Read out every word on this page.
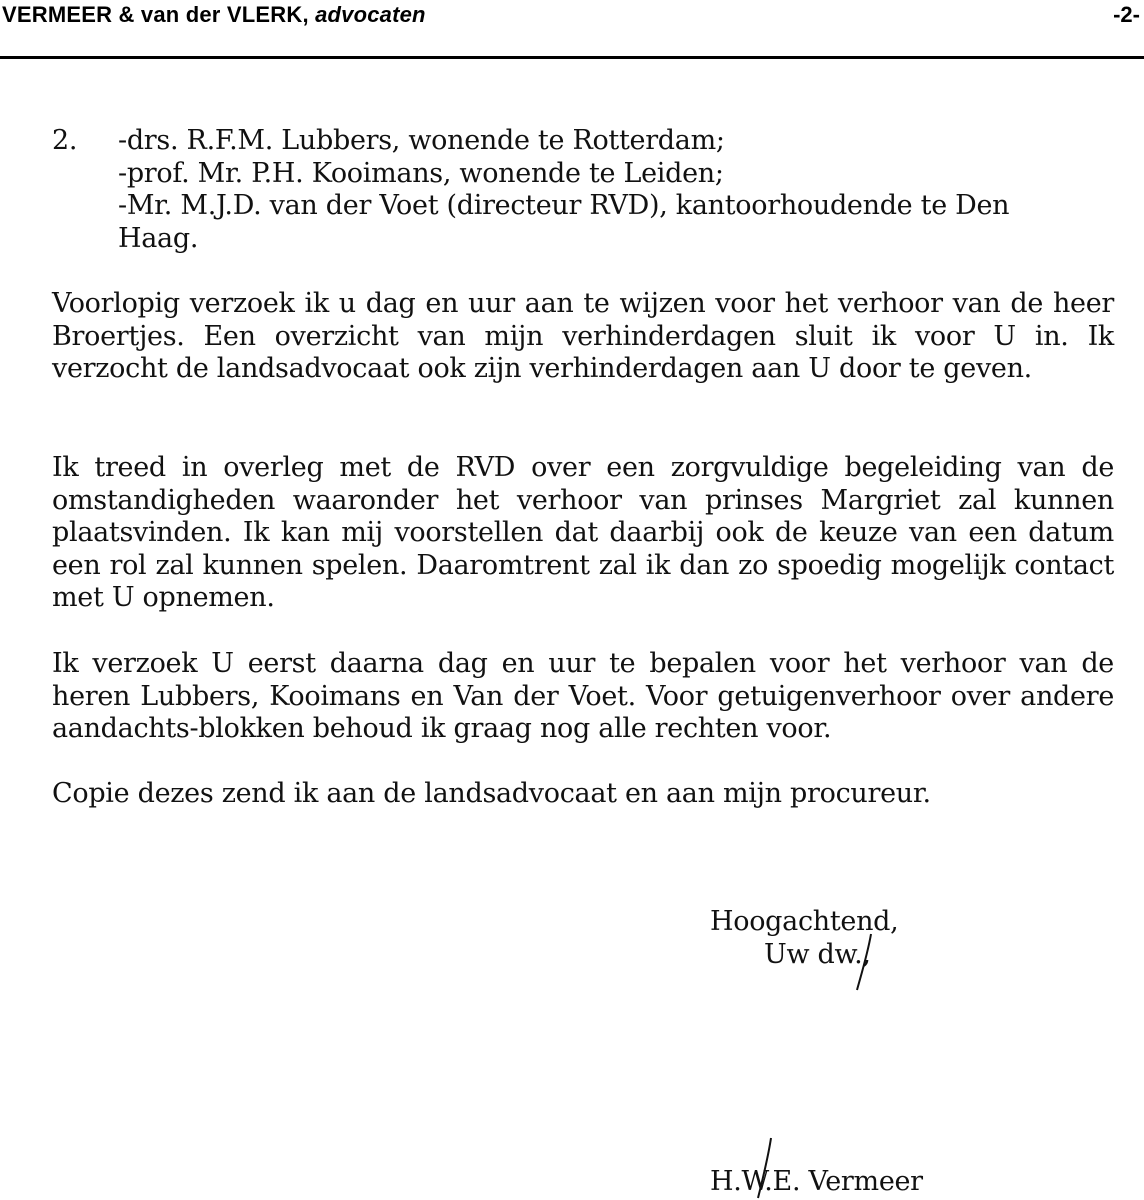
VERMEER & van der VLERK, advocaten	-2-
2. -drs. R.F.M. Lubbers, wonende te Rotterdam;
-prof. Mr. P.H. Kooimans, wonende te Leiden;
-Mr. M.J.D. van der Voet (directeur RVD), kantoorhoudende te Den
Haag.
Voorlopig verzoek ik u dag en uur aan te wijzen voor het verhoor van de heer Broertjes. Een overzicht van mijn verhinderdagen sluit ik voor U in. Ik verzocht de landsadvocaat ook zijn verhinderdagen aan U door te geven.
Ik treed in overleg met de RVD over een zorgvuldige begeleiding van de omstandigheden waaronder het verhoor van prinses Margriet zal kunnen plaatsvinden. Ik kan mij voorstellen dat daarbij ook de keuze van een datum een rol zal kunnen spelen. Daaromtrent zal ik dan zo spoedig mogelijk contact met U opnemen.
Ik verzoek U eerst daarna dag en uur te bepalen voor het verhoor van de heren Lubbers, Kooimans en Van der Voet. Voor getuigenverhoor over andere aandachts-blokken behoud ik graag nog alle rechten voor.
Copie dezes zend ik aan de landsadvocaat en aan mijn procureur.
Hoogachtend,
Uw dw.,
H.W.E. Vermeer
